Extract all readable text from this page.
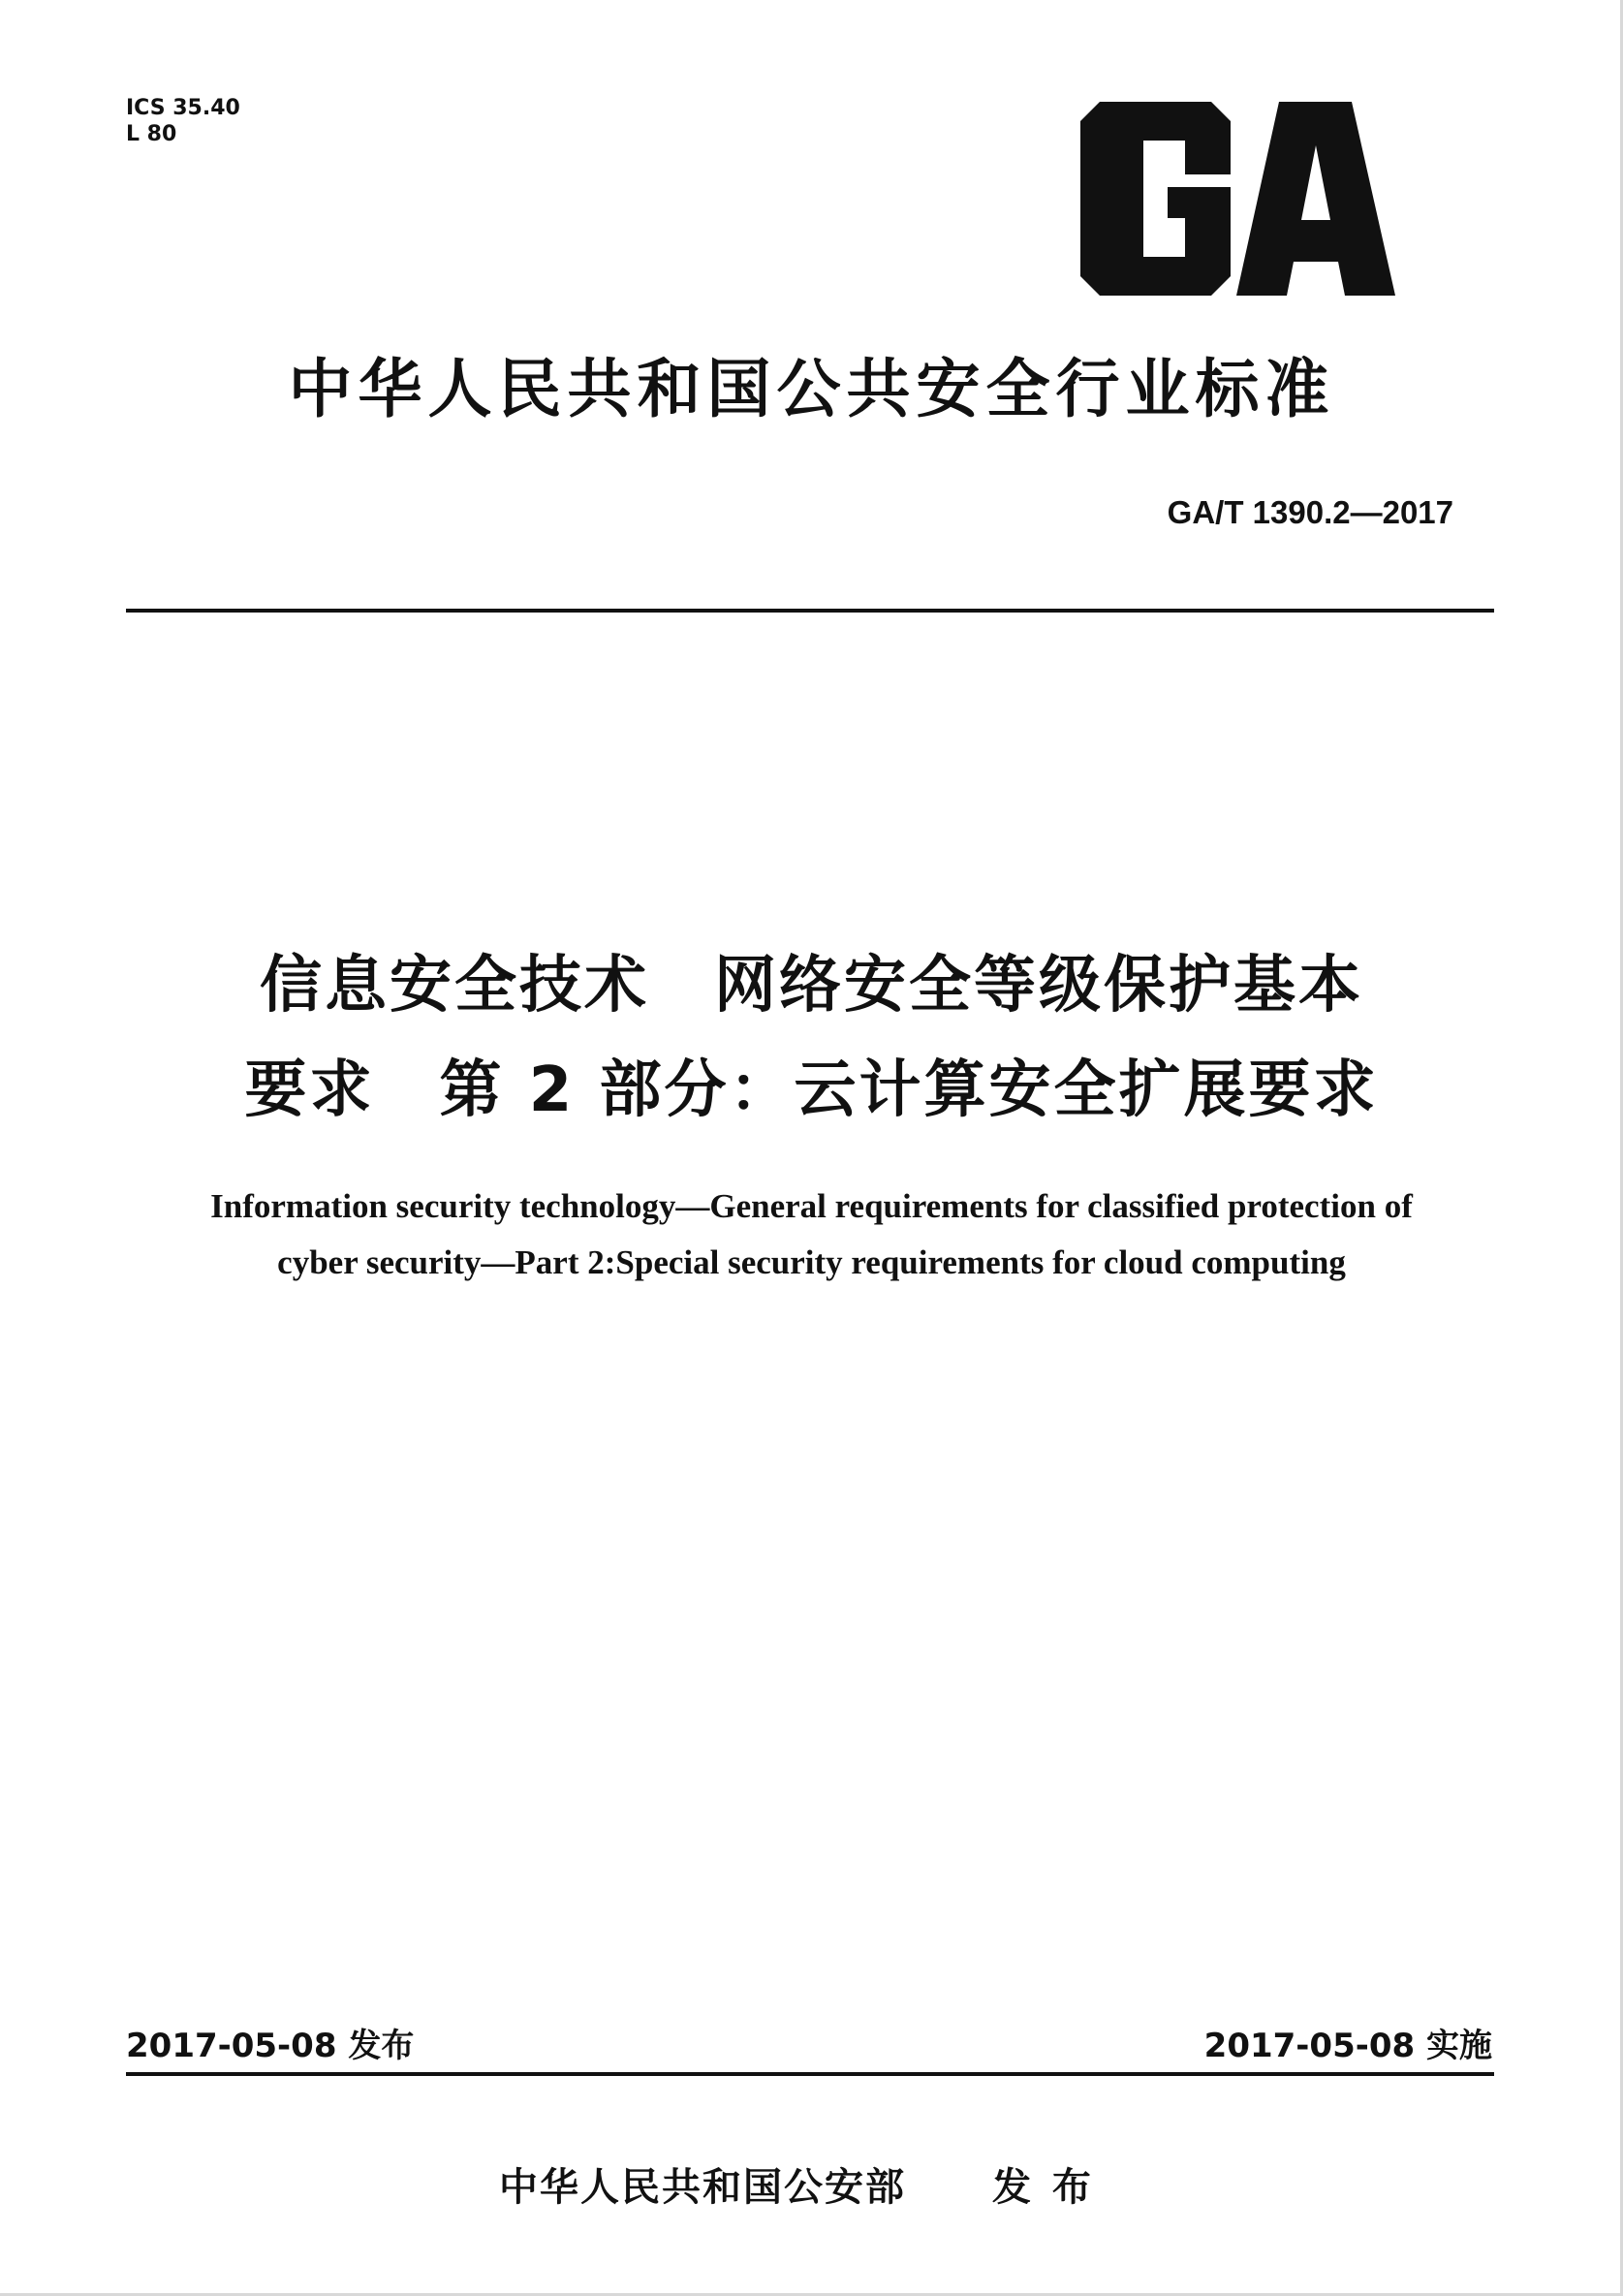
ICS 35.40
L 80
中华人民共和国公共安全行业标准
GA/T 1390.2—2017
信息安全技术　网络安全等级保护基本
要求　第 2 部分：云计算安全扩展要求
Information security technology—General requirements for classified protection of
cyber security—Part 2:Special security requirements for cloud computing
2017-05-08 发布	2017-05-08 实施
中华人民共和国公安部 发布
